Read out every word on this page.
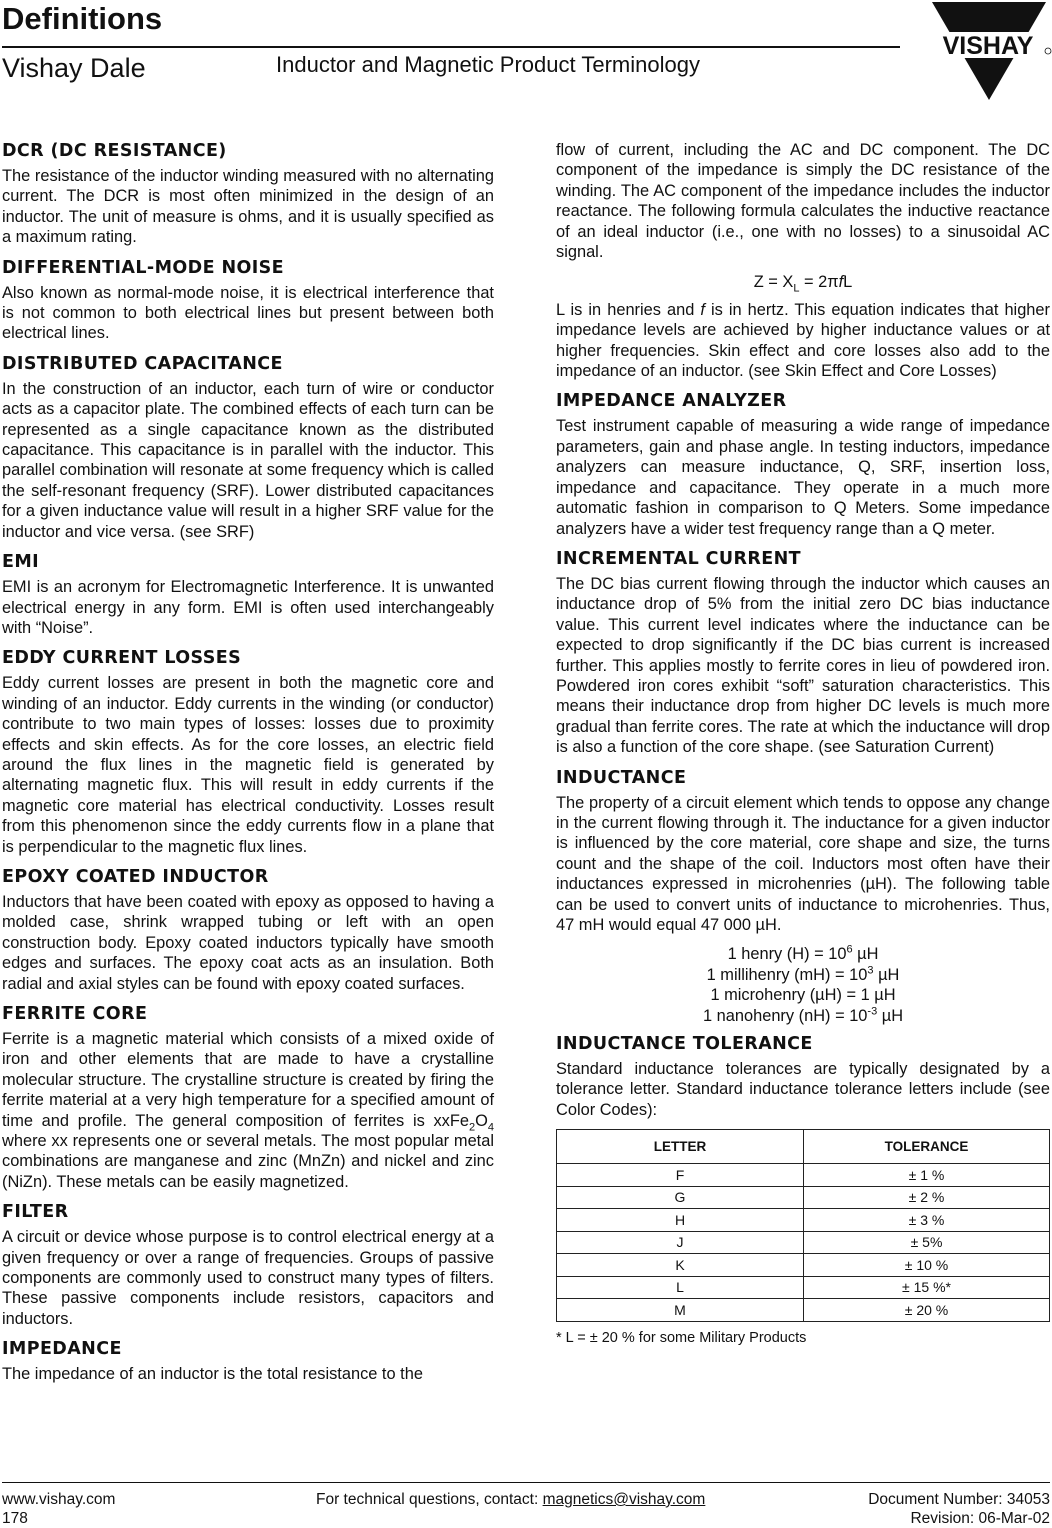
Definitions
Vishay Dale	Inductor and Magnetic Product Terminology
VISHAY
DCR (DC RESISTANCE)

The resistance of the inductor winding measured with no alternating current. The DCR is most often minimized in the design of an inductor. The unit of measure is ohms, and it is usually specified as a maximum rating.

DIFFERENTIAL-MODE NOISE

Also known as normal-mode noise, it is electrical interference that is not common to both electrical lines but present between both electrical lines.

DISTRIBUTED CAPACITANCE

In the construction of an inductor, each turn of wire or conductor acts as a capacitor plate. The combined effects of each turn can be represented as a single capacitance known as the distributed capacitance. This capacitance is in parallel with the inductor. This parallel combination will resonate at some frequency which is called the self-resonant frequency (SRF). Lower distributed capacitances for a given inductance value will result in a higher SRF value for the inductor and vice versa. (see SRF)

EMI

EMI is an acronym for Electromagnetic Interference. It is unwanted electrical energy in any form. EMI is often used interchangeably with “Noise”.

EDDY CURRENT LOSSES

Eddy current losses are present in both the magnetic core and winding of an inductor. Eddy currents in the winding (or conductor) contribute to two main types of losses: losses due to proximity effects and skin effects. As for the core losses, an electric field around the flux lines in the magnetic field is generated by alternating magnetic flux. This will result in eddy currents if the magnetic core material has electrical conductivity. Losses result from this phenomenon since the eddy currents flow in a plane that is perpendicular to the magnetic flux lines.

EPOXY COATED INDUCTOR

Inductors that have been coated with epoxy as opposed to having a molded case, shrink wrapped tubing or left with an open construction body. Epoxy coated inductors typically have smooth edges and surfaces. The epoxy coat acts as an insulation. Both radial and axial styles can be found with epoxy coated surfaces.

FERRITE CORE

Ferrite is a magnetic material which consists of a mixed oxide of iron and other elements that are made to have a crystalline molecular structure. The crystalline structure is created by firing the ferrite material at a very high temperature for a specified amount of time and profile. The general composition of ferrites is $xxFe_2O_4$ where xx represents one or several metals. The most popular metal combinations are manganese and zinc (MnZn) and nickel and zinc (NiZn). These metals can be easily magnetized.

FILTER

A circuit or device whose purpose is to control electrical energy at a given frequency or over a range of frequencies. Groups of passive components are commonly used to construct many types of filters. These passive components include resistors, capacitors and inductors.

IMPEDANCE

The impedance of an inductor is the total resistance to the

flow of current, including the AC and DC component. The DC component of the impedance is simply the DC resistance of the winding. The AC component of the impedance includes the inductor reactance. The following formula calculates the inductive reactance of an ideal inductor (i.e., one with no losses) to a sinusoidal AC signal.

$Z = X_L = 2\pi fL$

L is in henries and f is in hertz. This equation indicates that higher impedance levels are achieved by higher inductance values or at higher frequencies. Skin effect and core losses also add to the impedance of an inductor. (see Skin Effect and Core Losses)

IMPEDANCE ANALYZER

Test instrument capable of measuring a wide range of impedance parameters, gain and phase angle. In testing inductors, impedance analyzers can measure inductance, Q, SRF, insertion loss, impedance and capacitance. They operate in a much more automatic fashion in comparison to Q Meters. Some impedance analyzers have a wider test frequency range than a Q meter.

INCREMENTAL CURRENT

The DC bias current flowing through the inductor which causes an inductance drop of 5% from the initial zero DC bias inductance value. This current level indicates where the inductance can be expected to drop significantly if the DC bias current is increased further. This applies mostly to ferrite cores in lieu of powdered iron. Powdered iron cores exhibit “soft” saturation characteristics. This means their inductance drop from higher DC levels is much more gradual than ferrite cores. The rate at which the inductance will drop is also a function of the core shape. (see Saturation Current)

INDUCTANCE

The property of a circuit element which tends to oppose any change in the current flowing through it. The inductance for a given inductor is influenced by the core material, core shape and size, the turns count and the shape of the coil. Inductors most often have their inductances expressed in microhenries (µH). The following table can be used to convert units of inductance to microhenries. Thus, 47 mH would equal 47 000 µH.

1 henry $(H) = 10^6$ µH
1 millihenry $(mH) = 10^3$ µH
1 microhenry (µH) = 1 µH
1 nanohenry $(nH) = 10^{-3}$ µH
INDUCTANCE TOLERANCE

Standard inductance tolerances are typically designated by a tolerance letter. Standard inductance tolerance letters include (see Color Codes):

LETTER	TOLERANCE
F	± 1 %
G	± 2 %
H	± 3 %
J	± 5%
K	± 10 %
L	± 15 %*
M	± 20 %
* L = ± 20 % for some Military Products
www.vishay.com
178
For technical questions, contact: magnetics@vishay.com	Document Number: 34053
Revision: 06-Mar-02
